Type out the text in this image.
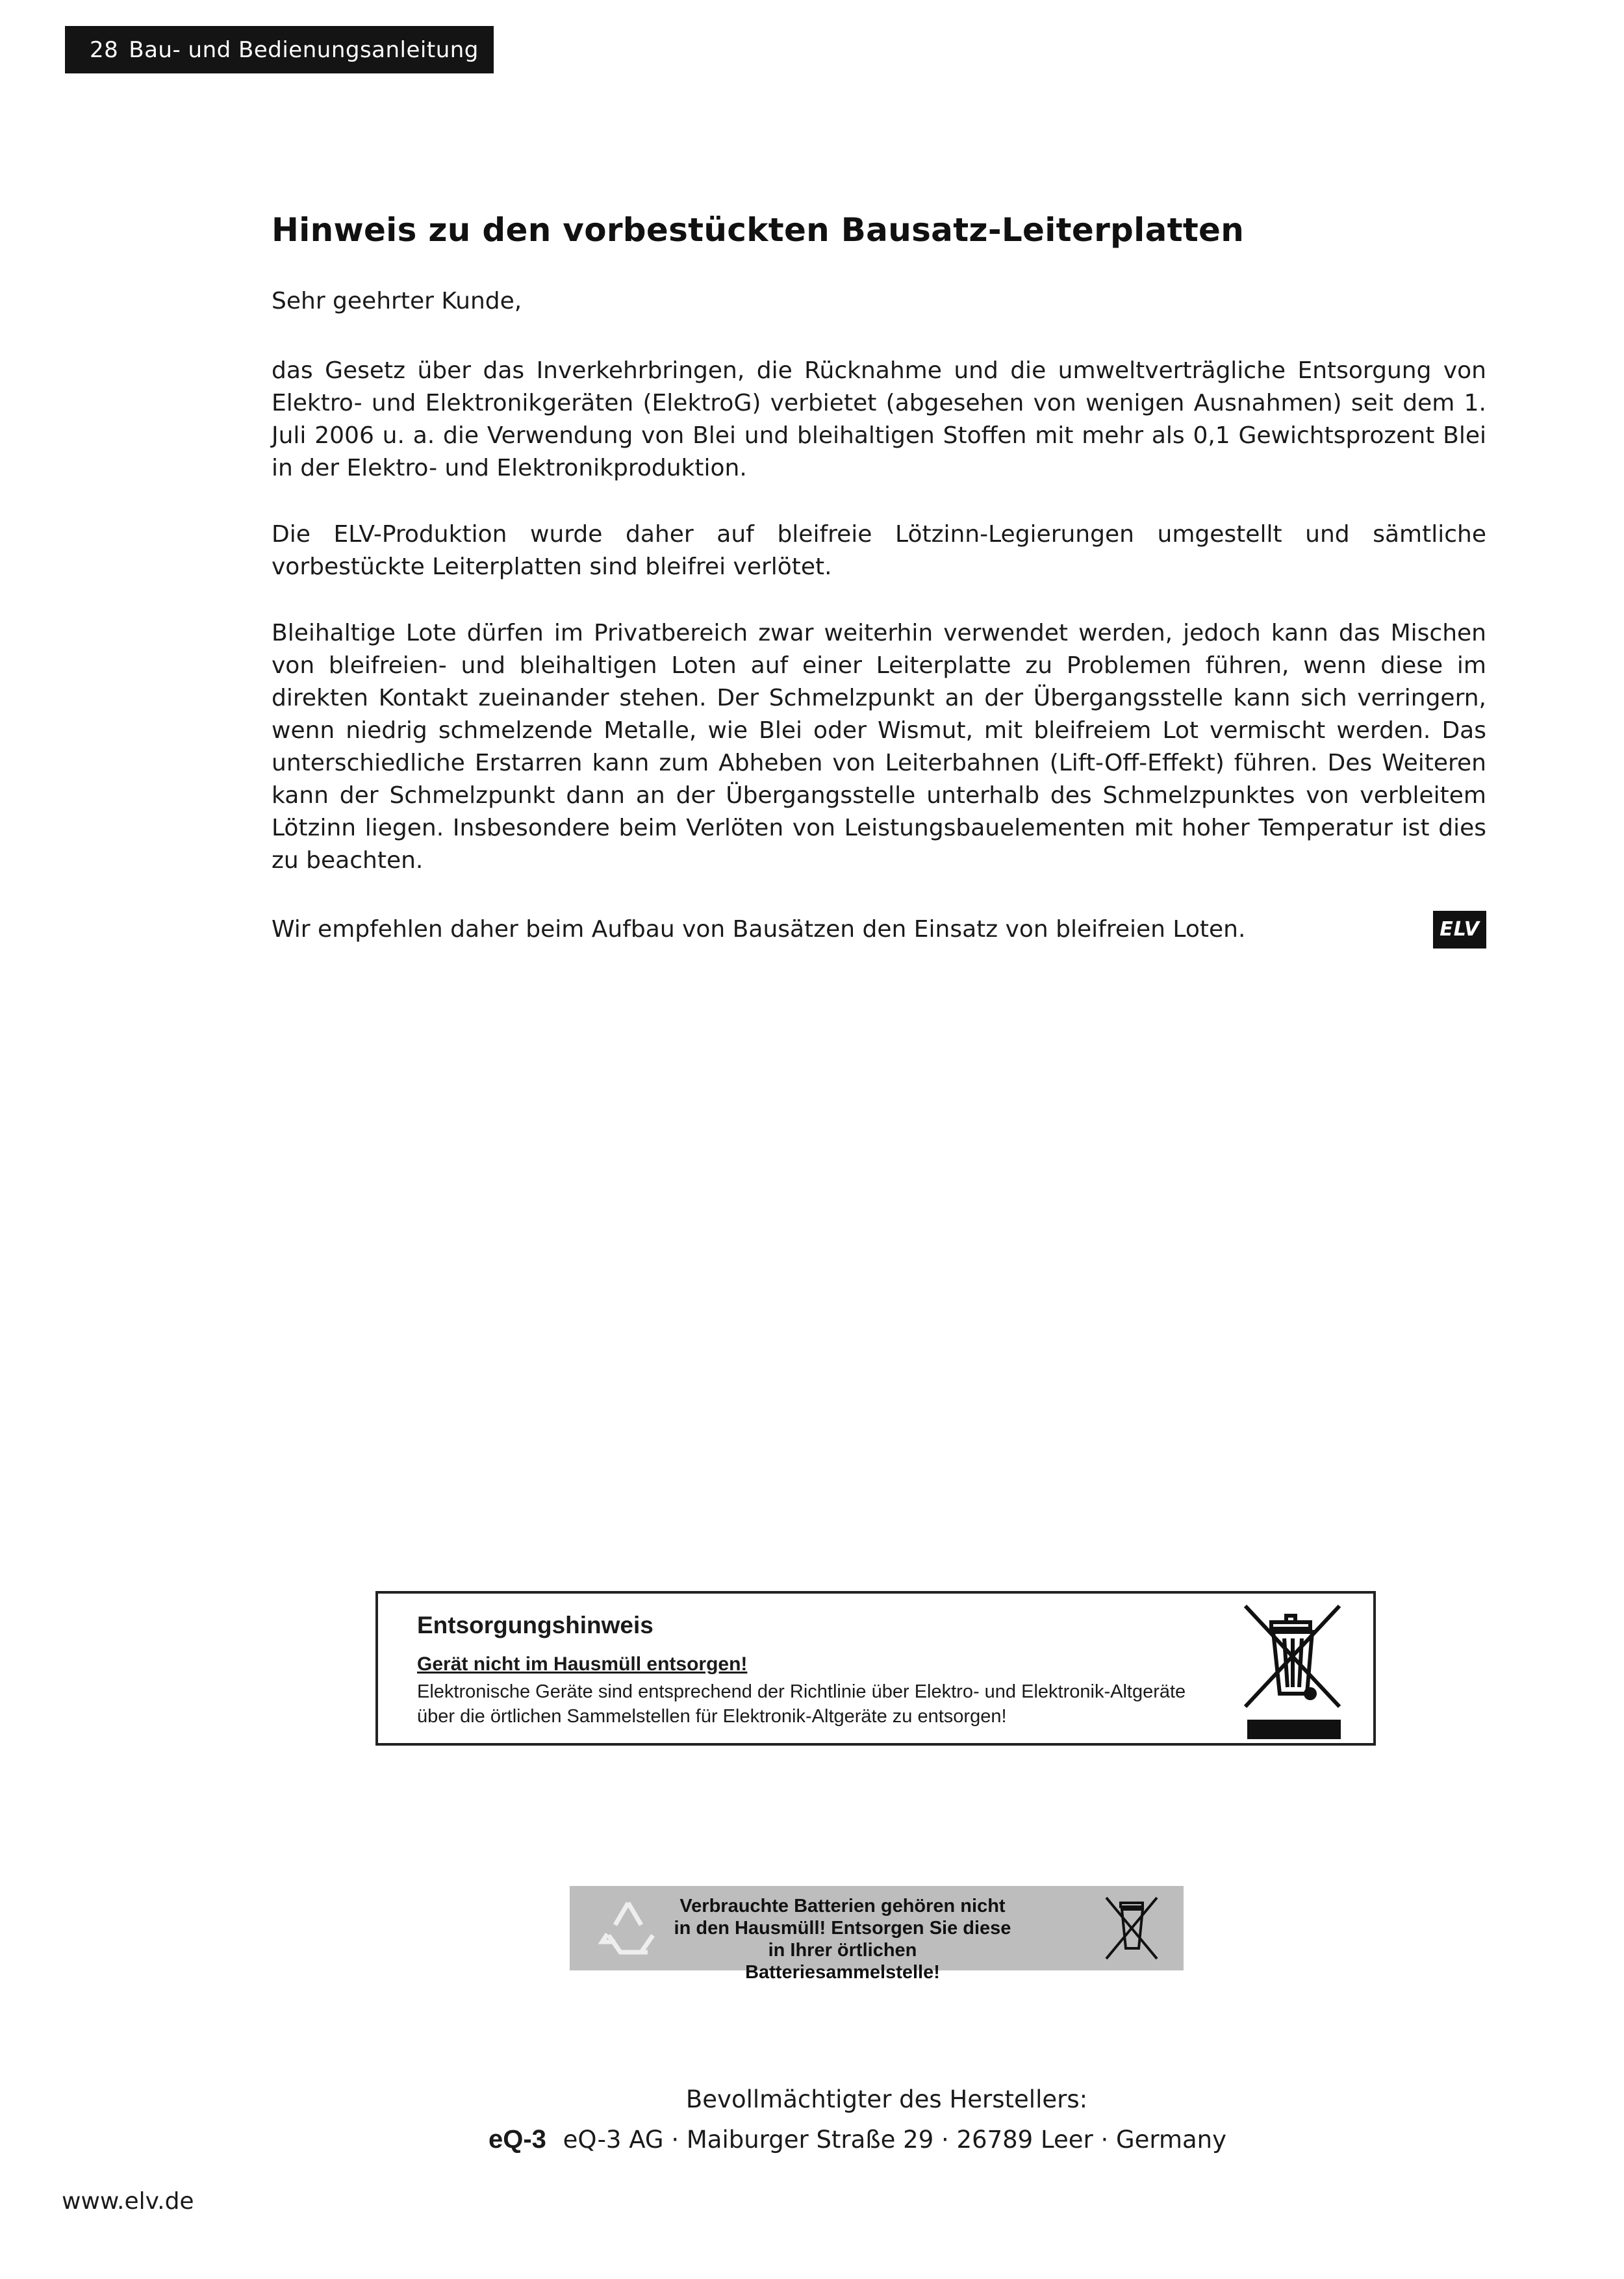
28 Bau- und Bedienungsanleitung
Hinweis zu den vorbestückten Bausatz-Leiterplatten

Sehr geehrter Kunde,

das Gesetz über das Inverkehrbringen, die Rücknahme und die umweltverträgliche Entsorgung von Elektro- und Elektronikgeräten (ElektroG) verbietet (abgesehen von wenigen Ausnahmen) seit dem 1. Juli 2006 u. a. die Verwendung von Blei und bleihaltigen Stoffen mit mehr als 0,1 Gewichtsprozent Blei in der Elektro- und Elektronikproduktion.

Die ELV-Produktion wurde daher auf bleifreie Lötzinn-Legierungen umgestellt und sämtliche vorbestückte Leiterplatten sind bleifrei verlötet.

Bleihaltige Lote dürfen im Privatbereich zwar weiterhin verwendet werden, jedoch kann das Mischen von bleifreien- und bleihaltigen Loten auf einer Leiterplatte zu Problemen führen, wenn diese im direkten Kontakt zueinander stehen. Der Schmelzpunkt an der Übergangsstelle kann sich verringern, wenn niedrig schmelzende Metalle, wie Blei oder Wismut, mit bleifreiem Lot vermischt werden. Das unterschiedliche Erstarren kann zum Abheben von Leiterbahnen (Lift-Off-Effekt) führen. Des Weiteren kann der Schmelzpunkt dann an der Übergangsstelle unterhalb des Schmelzpunktes von verbleitem Lötzinn liegen. Insbesondere beim Verlöten von Leistungsbauelementen mit hoher Temperatur ist dies zu beachten.

Wir empfehlen daher beim Aufbau von Bausätzen den Einsatz von bleifreien Loten.	ELV
Entsorgungshinweis
Gerät nicht im Hausmüll entsorgen!
Elektronische Geräte sind entsprechend der Richtlinie über Elektro- und Elektronik-Altgeräte über die örtlichen Sammelstellen für Elektronik-Altgeräte zu entsorgen!
Verbrauchte Batterien gehören nicht in den Hausmüll! Entsorgen Sie diese in Ihrer örtlichen Batteriesammelstelle!
Bevollmächtigter des Herstellers:
eQ-3 eQ-3 AG · Maiburger Straße 29 · 26789 Leer · Germany
www.elv.de
